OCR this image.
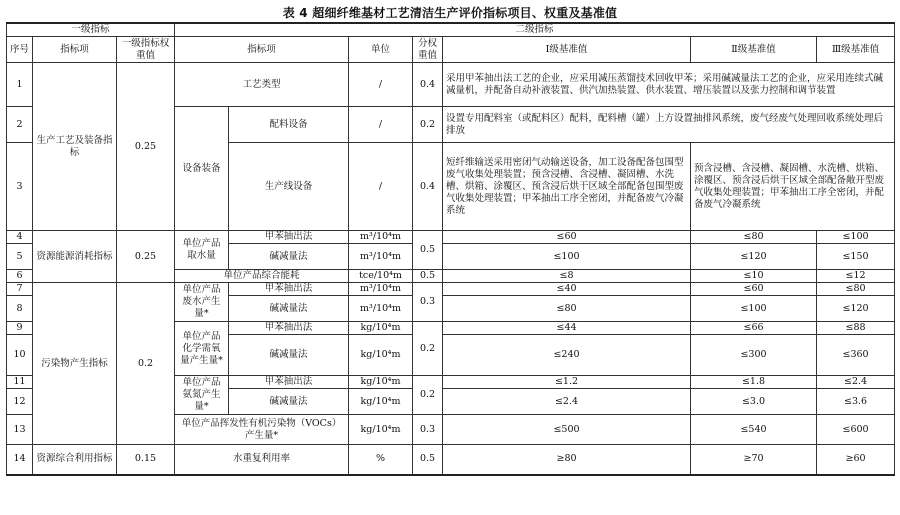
表 4 超细纤维基材工艺清洁生产评价指标项目、权重及基准值
一级指标			二级指标						
序号	指标项	一级指标权重值	指标项		单位	分权重值	Ⅰ级基准值	Ⅱ级基准值	Ⅲ级基准值
1	生产工艺及装备指标	0.25	工艺类型		/	0.4	采用甲苯抽出法工艺的企业，应采用减压蒸馏技术回收甲苯；采用碱减量法工艺的企业，应采用连续式碱减量机，并配备自动补液装置、供汽加热装置、供水装置、增压装置以及张力控制和调节装置		
2			设备装备	配料设备	/	0.2	设置专用配料室（或配料区）配料，配料槽（罐）上方设置抽排风系统，废气经废气处理回收系统处理后排放		
3				生产线设备	/	0.4	短纤维输送采用密闭气动输送设备，加工设备配备包围型废气收集处理装置；预含浸槽、含浸槽、凝固槽、水洗槽、烘箱、涂覆区、预含浸后烘干区域全部配备包围型废气收集处理装置；甲苯抽出工序全密闭，并配备废气冷凝系统	预含浸槽、含浸槽、凝固槽、水洗槽、烘箱、涂覆区、预含浸后烘干区域全部配备敞开型废气收集处理装置；甲苯抽出工序全密闭，并配备废气冷凝系统	
4	资源能源消耗指标	0.25	单位产品取水量	甲苯抽出法	m³/10⁴m	0.5	≤60	≤80	≤100
5				碱减量法	m³/10⁴m		≤100	≤120	≤150
6			单位产品综合能耗		tce/10⁴m	0.5	≤8	≤10	≤12
7	污染物产生指标	0.2	单位产品废水产生量*	甲苯抽出法	m³/10⁴m	0.3	≤40	≤60	≤80
8				碱减量法	m³/10⁴m		≤80	≤100	≤120
9			单位产品化学需氧量产生量*	甲苯抽出法	kg/10⁴m	0.2	≤44	≤66	≤88
10				碱减量法	kg/10⁴m		≤240	≤300	≤360
11			单位产品氨氮产生量*	甲苯抽出法	kg/10⁴m	0.2	≤1.2	≤1.8	≤2.4
12				碱减量法	kg/10⁴m		≤2.4	≤3.0	≤3.6
13			单位产品挥发性有机污染物（VOCs）产生量*		kg/10⁴m	0.3	≤500	≤540	≤600
14	资源综合利用指标	0.15	水重复利用率		%	0.5	≥80	≥70	≥60
